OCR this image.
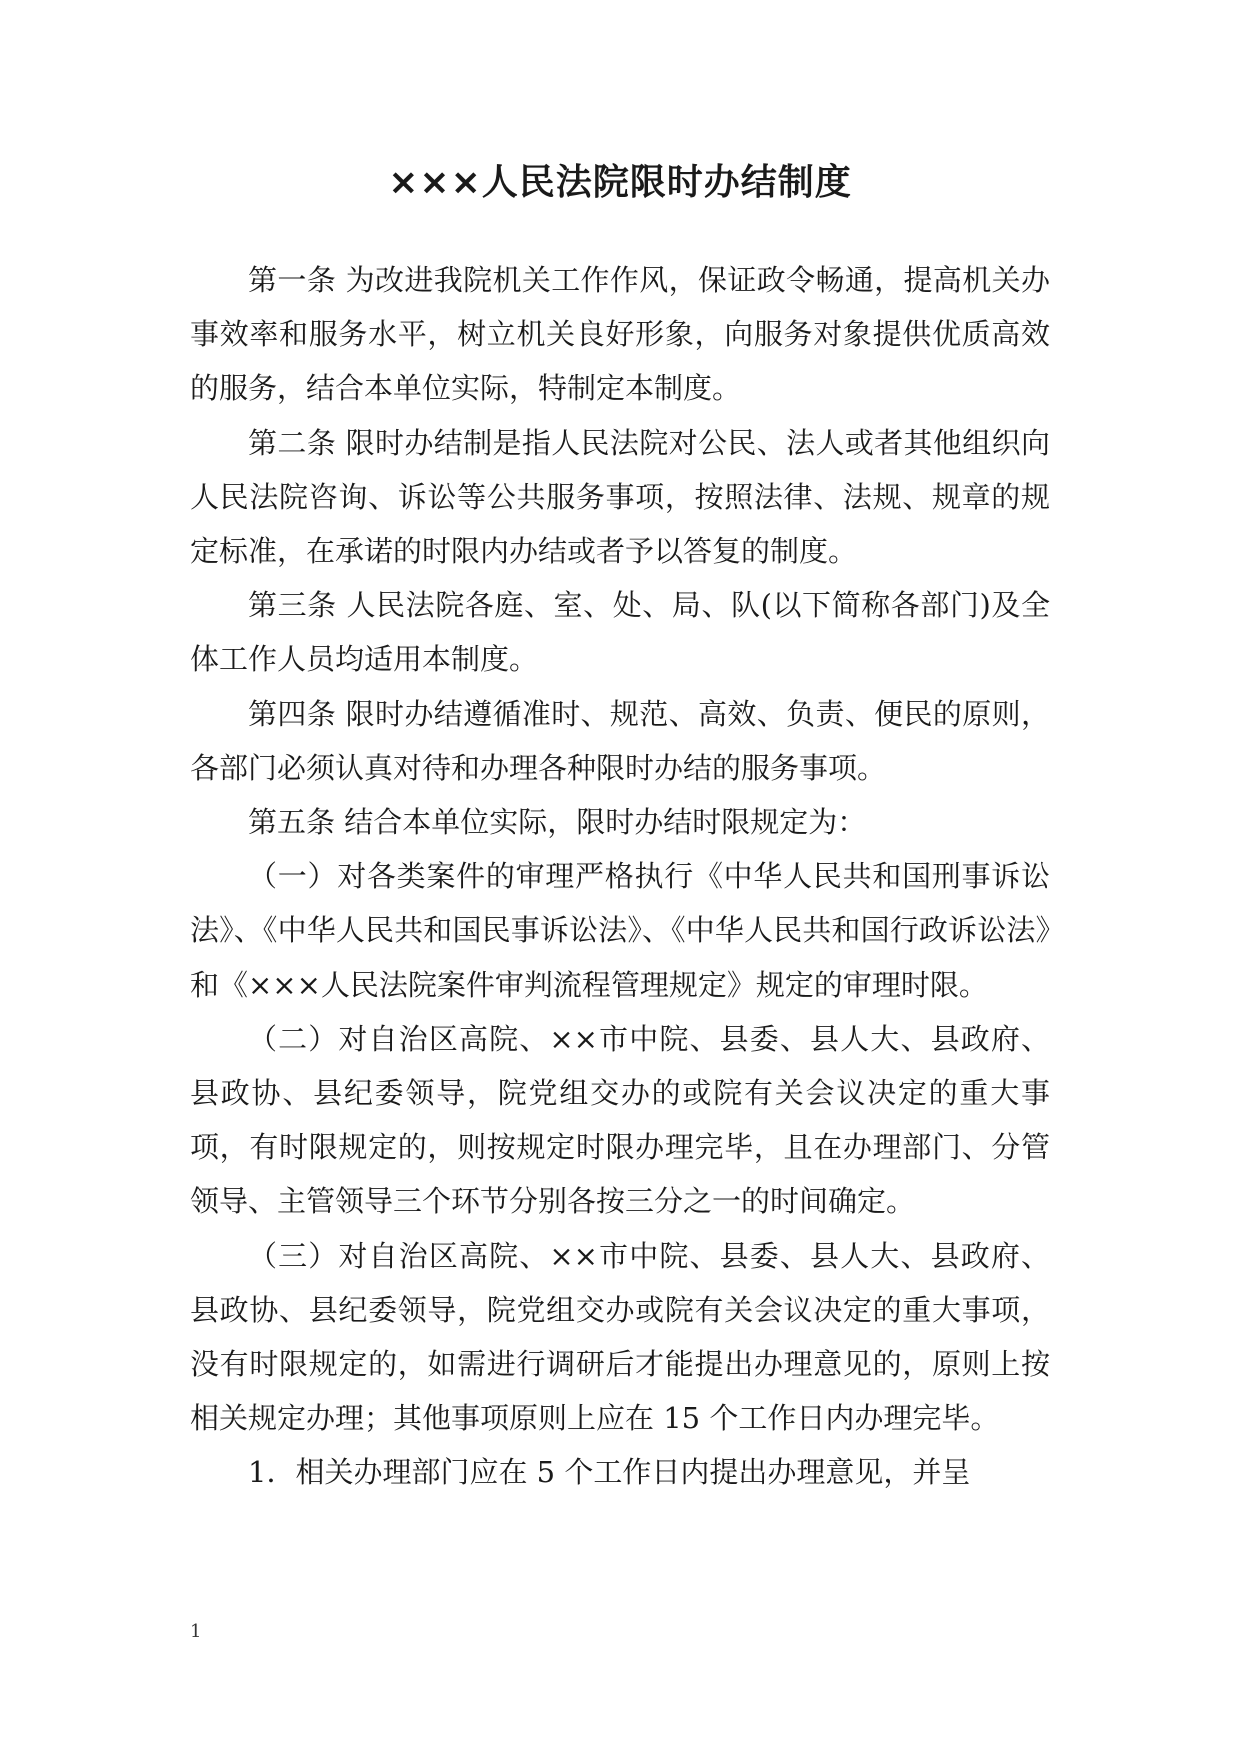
×××人民法院限时办结制度

第一条 为改进我院机关工作作风，保证政令畅通，提高机关办事效率和服务水平，树立机关良好形象，向服务对象提供优质高效的服务，结合本单位实际，特制定本制度。

第二条 限时办结制是指人民法院对公民、法人或者其他组织向人民法院咨询、诉讼等公共服务事项，按照法律、法规、规章的规定标准，在承诺的时限内办结或者予以答复的制度。

第三条 人民法院各庭、室、处、局、队(以下简称各部门)及全体工作人员均适用本制度。

第四条 限时办结遵循准时、规范、高效、负责、便民的原则，各部门必须认真对待和办理各种限时办结的服务事项。

第五条 结合本单位实际，限时办结时限规定为：

（一）对各类案件的审理严格执行《中华人民共和国刑事诉讼法》、《中华人民共和国民事诉讼法》、《中华人民共和国行政诉讼法》和《×××人民法院案件审判流程管理规定》规定的审理时限。

（二）对自治区高院、××市中院、县委、县人大、县政府、县政协、县纪委领导，院党组交办的或院有关会议决定的重大事项，有时限规定的，则按规定时限办理完毕，且在办理部门、分管领导、主管领导三个环节分别各按三分之一的时间确定。

（三）对自治区高院、××市中院、县委、县人大、县政府、县政协、县纪委领导，院党组交办或院有关会议决定的重大事项，没有时限规定的，如需进行调研后才能提出办理意见的，原则上按相关规定办理；其他事项原则上应在 15 个工作日内办理完毕。

1．相关办理部门应在 5 个工作日内提出办理意见，并呈

1
